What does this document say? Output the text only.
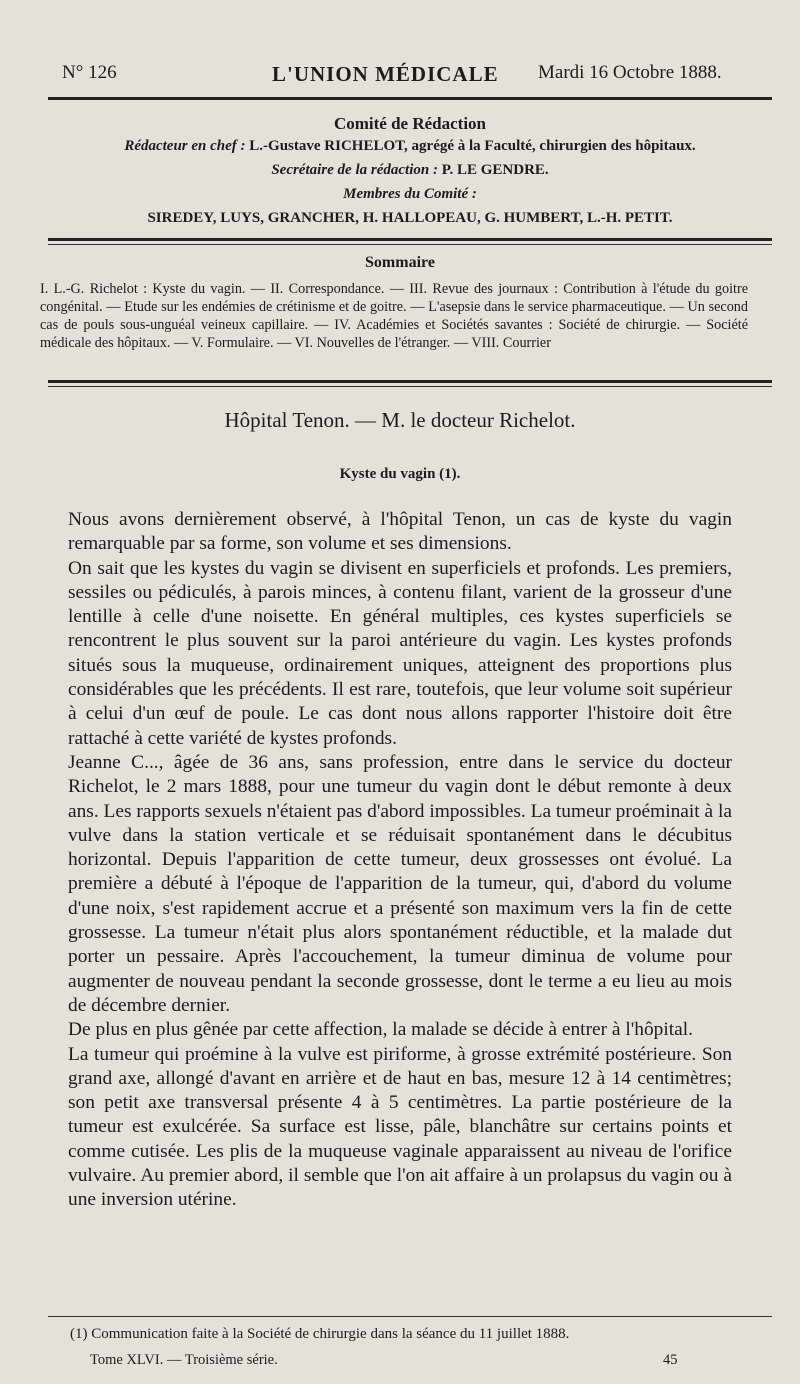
N° 126	L'UNION MÉDICALE Mardi 16 Octobre 1888.
Comité de Rédaction
Rédacteur en chef : L.-Gustave RICHELOT, agrégé à la Faculté, chirurgien des hôpitaux.
Secrétaire de la rédaction : P. LE GENDRE.
Membres du Comité :
SIREDEY, LUYS, GRANCHER, H. HALLOPEAU, G. HUMBERT, L.-H. PETIT.
Sommaire
I. L.-G. Richelot : Kyste du vagin. — II. Correspondance. — III. Revue des journaux : Contribution à l'étude du goitre congénital. — Etude sur les endémies de crétinisme et de goitre. — L'asepsie dans le service pharmaceutique. — Un second cas de pouls sous-unguéal veineux capillaire. — IV. Académies et Sociétés savantes : Société de chirurgie. — Société médicale des hôpitaux. — V. Formulaire. — VI. Nouvelles de l'étranger. — VIII. Courrier
Hôpital Tenon. — M. le docteur Richelot.
Kyste du vagin (1).

Nous avons dernièrement observé, à l'hôpital Tenon, un cas de kyste du vagin remarquable par sa forme, son volume et ses dimensions.

On sait que les kystes du vagin se divisent en superficiels et profonds. Les premiers, sessiles ou pédiculés, à parois minces, à contenu filant, varient de la grosseur d'une lentille à celle d'une noisette. En général multiples, ces kystes superficiels se rencontrent le plus souvent sur la paroi antérieure du vagin. Les kystes profonds situés sous la muqueuse, ordinairement uniques, atteignent des proportions plus considérables que les précédents. Il est rare, toutefois, que leur volume soit supérieur à celui d'un œuf de poule. Le cas dont nous allons rapporter l'histoire doit être rattaché à cette variété de kystes profonds.

Jeanne C..., âgée de 36 ans, sans profession, entre dans le service du docteur Richelot, le 2 mars 1888, pour une tumeur du vagin dont le début remonte à deux ans. Les rapports sexuels n'étaient pas d'abord impossibles. La tumeur proéminait à la vulve dans la station verticale et se réduisait spontanément dans le décubitus horizontal. Depuis l'apparition de cette tumeur, deux grossesses ont évolué. La première a débuté à l'époque de l'apparition de la tumeur, qui, d'abord du volume d'une noix, s'est rapidement accrue et a présenté son maximum vers la fin de cette grossesse. La tumeur n'était plus alors spontanément réductible, et la malade dut porter un pessaire. Après l'accouchement, la tumeur diminua de volume pour augmenter de nouveau pendant la seconde grossesse, dont le terme a eu lieu au mois de décembre dernier.

De plus en plus gênée par cette affection, la malade se décide à entrer à l'hôpital.

La tumeur qui proémine à la vulve est piriforme, à grosse extrémité postérieure. Son grand axe, allongé d'avant en arrière et de haut en bas, mesure 12 à 14 centimètres; son petit axe transversal présente 4 à 5 centimètres. La partie postérieure de la tumeur est exulcérée. Sa surface est lisse, pâle, blanchâtre sur certains points et comme cutisée. Les plis de la muqueuse vaginale apparaissent au niveau de l'orifice vulvaire. Au premier abord, il semble que l'on ait affaire à un prolapsus du vagin ou à une inversion utérine.

(1) Communication faite à la Société de chirurgie dans la séance du 11 juillet 1888.
Tome XLVI. — Troisième série.	45
